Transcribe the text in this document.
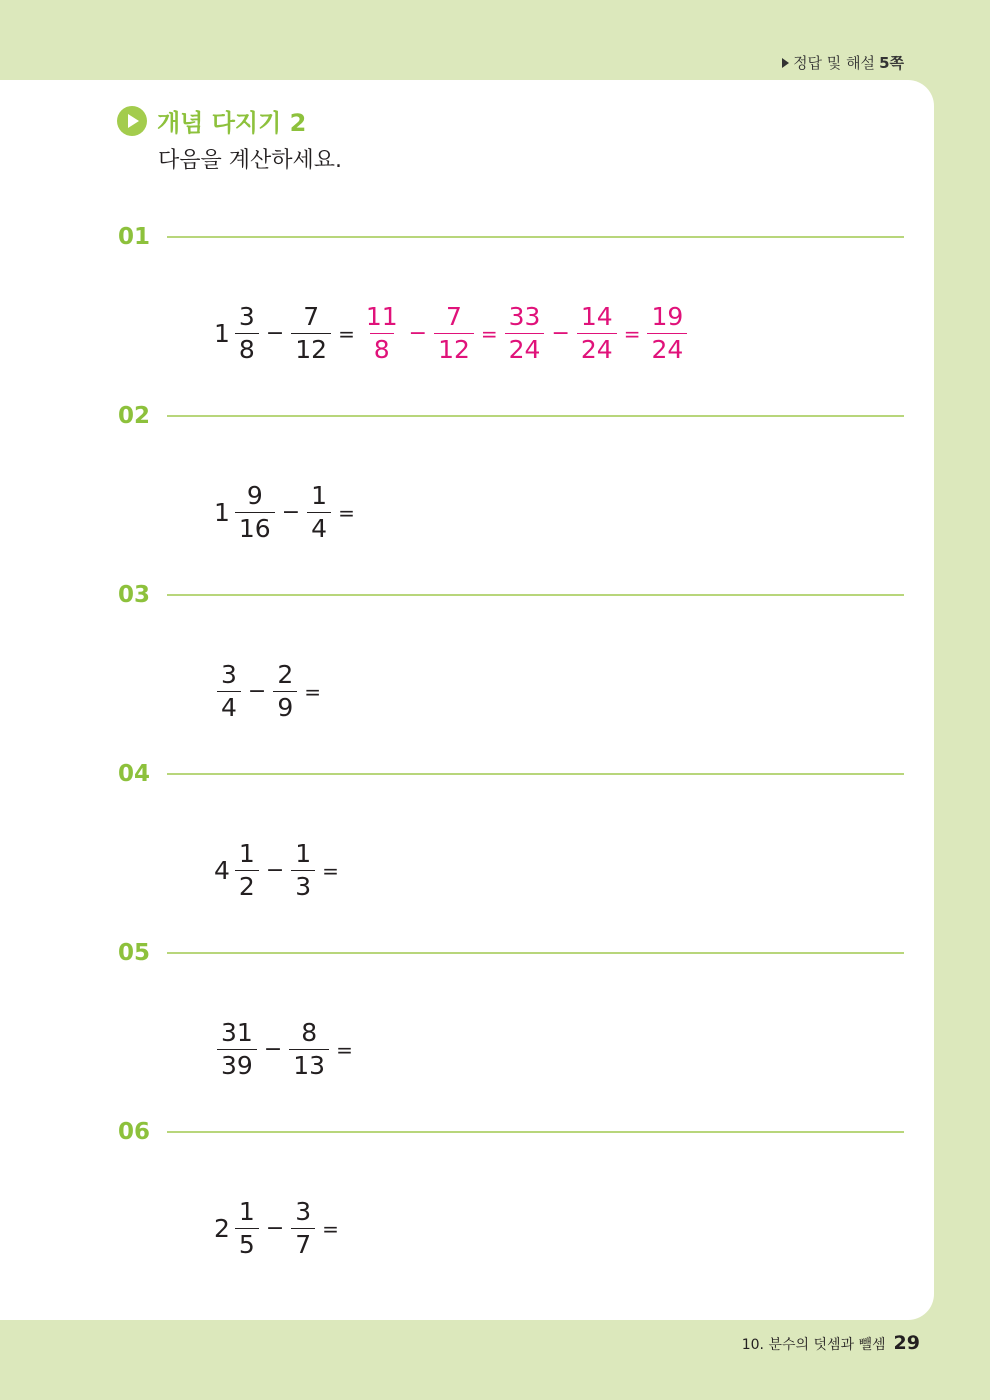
정답 및 해설 5쪽
개념 다지기 2
다음을 계산하세요.
01
$1 \frac{3}{8} - \frac{7}{12} = \frac{11}{8} - \frac{7}{12} = \frac{33}{24} - \frac{14}{24} = \frac{19}{24}$
02
$1 \frac{9}{16} - \frac{1}{4}$ =
03
$\frac{3}{4} - \frac{2}{9}$ =
04
$4 \frac{1}{2} - \frac{1}{3}$ =
05
$\frac{31}{39} - \frac{8}{13}$ =
06
$2 \frac{1}{5} - \frac{3}{7}$ =
10. 분수의 덧셈과 뺄셈 29
